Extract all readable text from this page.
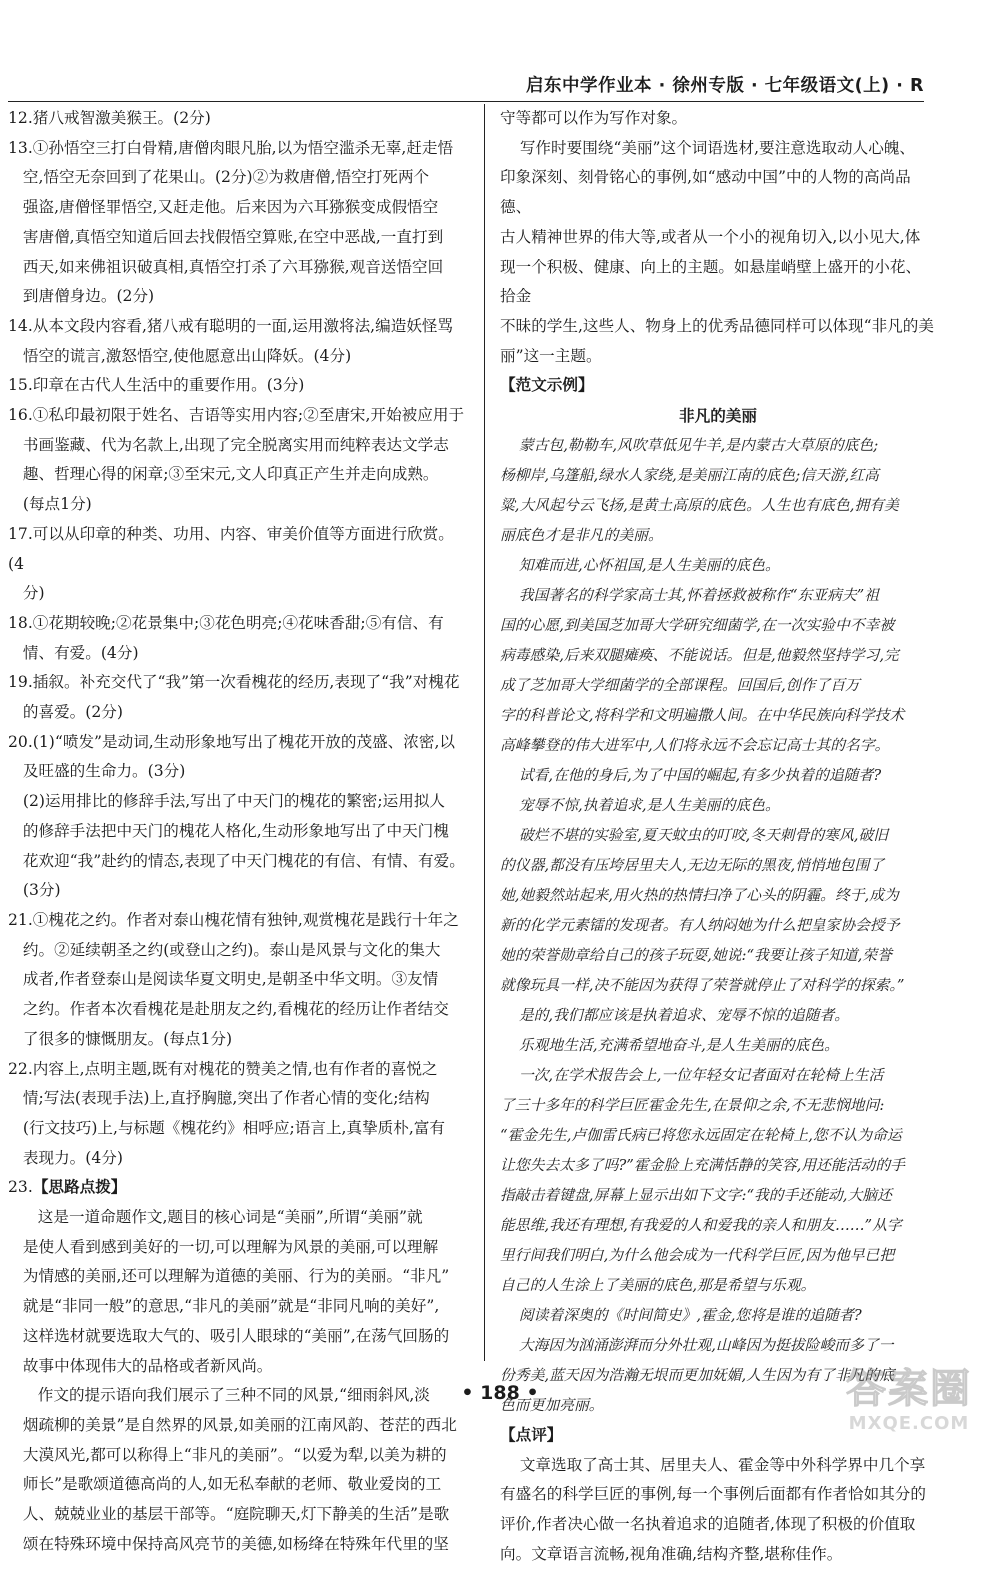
启东中学作业本 · 徐州专版 · 七年级语文(上) · R

12.猪八戒智激美猴王。(2分)
13.①孙悟空三打白骨精,唐僧肉眼凡胎,以为悟空滥杀无辜,赶走悟
空,悟空无奈回到了花果山。(2分)②为救唐僧,悟空打死两个
强盗,唐僧怪罪悟空,又赶走他。后来因为六耳猕猴变成假悟空
害唐僧,真悟空知道后回去找假悟空算账,在空中恶战,一直打到
西天,如来佛祖识破真相,真悟空打杀了六耳猕猴,观音送悟空回
到唐僧身边。(2分)
14.从本文段内容看,猪八戒有聪明的一面,运用激将法,编造妖怪骂
悟空的谎言,激怒悟空,使他愿意出山降妖。(4分)
15.印章在古代人生活中的重要作用。(3分)
16.①私印最初限于姓名、吉语等实用内容;②至唐宋,开始被应用于
书画鉴藏、代为名款上,出现了完全脱离实用而纯粹表达文学志
趣、哲理心得的闲章;③至宋元,文人印真正产生并走向成熟。
(每点1分)
17.可以从印章的种类、功用、内容、审美价值等方面进行欣赏。(4
分)
18.①花期较晚;②花景集中;③花色明亮;④花味香甜;⑤有信、有
情、有爱。(4分)
19.插叙。补充交代了“我”第一次看槐花的经历,表现了“我”对槐花
的喜爱。(2分)
20.(1)“喷发”是动词,生动形象地写出了槐花开放的茂盛、浓密,以
及旺盛的生命力。(3分)
(2)运用排比的修辞手法,写出了中天门的槐花的繁密;运用拟人
的修辞手法把中天门的槐花人格化,生动形象地写出了中天门槐
花欢迎“我”赴约的情态,表现了中天门槐花的有信、有情、有爱。
(3分)
21.①槐花之约。作者对泰山槐花情有独钟,观赏槐花是践行十年之
约。②延续朝圣之约(或登山之约)。泰山是风景与文化的集大
成者,作者登泰山是阅读华夏文明史,是朝圣中华文明。③友情
之约。作者本次看槐花是赴朋友之约,看槐花的经历让作者结交
了很多的慷慨朋友。(每点1分)
22.内容上,点明主题,既有对槐花的赞美之情,也有作者的喜悦之
情;写法(表现手法)上,直抒胸臆,突出了作者心情的变化;结构
(行文技巧)上,与标题《槐花约》相呼应;语言上,真挚质朴,富有
表现力。(4分)

23.【思路点拨】

这是一道命题作文,题目的核心词是“美丽”,所谓“美丽”就
是使人看到感到美好的一切,可以理解为风景的美丽,可以理解
为情感的美丽,还可以理解为道德的美丽、行为的美丽。“非凡”
就是“非同一般”的意思,“非凡的美丽”就是“非同凡响的美好”,
这样选材就要选取大气的、吸引人眼球的“美丽”,在荡气回肠的
故事中体现伟大的品格或者新风尚。
作文的提示语向我们展示了三种不同的风景,“细雨斜风,淡
烟疏柳的美景”是自然界的风景,如美丽的江南风韵、苍茫的西北
大漠风光,都可以称得上“非凡的美丽”。“以爱为犁,以美为耕的
师长”是歌颂道德高尚的人,如无私奉献的老师、敬业爱岗的工
人、兢兢业业的基层干部等。“庭院聊天,灯下静美的生活”是歌
颂在特殊环境中保持高风亮节的美德,如杨绛在特殊年代里的坚

守等都可以作为写作对象。
写作时要围绕“美丽”这个词语选材,要注意选取动人心魄、
印象深刻、刻骨铭心的事例,如“感动中国”中的人物的高尚品德、
古人精神世界的伟大等,或者从一个小的视角切入,以小见大,体
现一个积极、健康、向上的主题。如悬崖峭壁上盛开的小花、拾金
不昧的学生,这些人、物身上的优秀品德同样可以体现“非凡的美
丽”这一主题。

【范文示例】
非凡的美丽

蒙古包,勒勒车,风吹草低见牛羊,是内蒙古大草原的底色;
杨柳岸,乌篷船,绿水人家绕,是美丽江南的底色;信天游,红高
粱,大风起兮云飞扬,是黄土高原的底色。人生也有底色,拥有美
丽底色才是非凡的美丽。
知难而进,心怀祖国,是人生美丽的底色。
我国著名的科学家高士其,怀着拯救被称作“东亚病夫”祖
国的心愿,到美国芝加哥大学研究细菌学,在一次实验中不幸被
病毒感染,后来双腿瘫痪、不能说话。但是,他毅然坚持学习,完
成了芝加哥大学细菌学的全部课程。回国后,创作了百万
字的科普论文,将科学和文明遍撒人间。在中华民族向科学技术
高峰攀登的伟大进军中,人们将永远不会忘记高士其的名字。
试看,在他的身后,为了中国的崛起,有多少执着的追随者?
宠辱不惊,执着追求,是人生美丽的底色。
破烂不堪的实验室,夏天蚊虫的叮咬,冬天刺骨的寒风,破旧
的仪器,都没有压垮居里夫人,无边无际的黑夜,悄悄地包围了
她,她毅然站起来,用火热的热情扫净了心头的阴霾。终于,成为
新的化学元素镭的发现者。有人纳闷她为什么把皇家协会授予
她的荣誉勋章给自己的孩子玩耍,她说:“我要让孩子知道,荣誉
就像玩具一样,决不能因为获得了荣誉就停止了对科学的探索。”
是的,我们都应该是执着追求、宠辱不惊的追随者。
乐观地生活,充满希望地奋斗,是人生美丽的底色。
一次,在学术报告会上,一位年轻女记者面对在轮椅上生活
了三十多年的科学巨匠霍金先生,在景仰之余,不无悲悯地问:
“霍金先生,卢伽雷氏病已将您永远固定在轮椅上,您不认为命运
让您失去太多了吗?”霍金脸上充满恬静的笑容,用还能活动的手
指敲击着键盘,屏幕上显示出如下文字:“我的手还能动,大脑还
能思维,我还有理想,有我爱的人和爱我的亲人和朋友……”从字
里行间我们明白,为什么他会成为一代科学巨匠,因为他早已把
自己的人生涂上了美丽的底色,那是希望与乐观。
阅读着深奥的《时间简史》,霍金,您将是谁的追随者?
大海因为汹涌澎湃而分外壮观,山峰因为挺拔险峻而多了一
份秀美,蓝天因为浩瀚无垠而更加妩媚,人生因为有了非凡的底
色而更加亮丽。

【点评】

文章选取了高士其、居里夫人、霍金等中外科学界中几个享
有盛名的科学巨匠的事例,每一个事例后面都有作者恰如其分的
评价,作者决心做一名执着追求的追随者,体现了积极的价值取
向。文章语言流畅,视角准确,结构齐整,堪称佳作。

• 188 •	答案圈
MXQE.COM
